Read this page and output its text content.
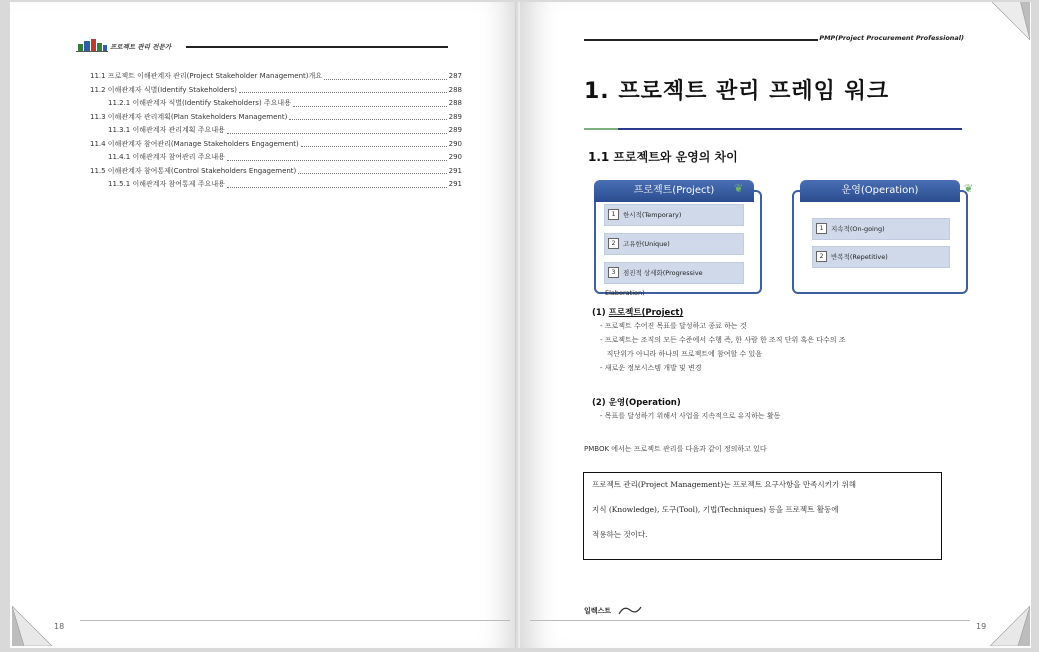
프로젝트 관리 전문가
11.1 프로젝트 이해관계자 관리(Project Stakeholder Management)개요	287
11.2 이해관계자 식별(Identify Stakeholders)	288
11.2.1 이해관계자 식별(Identify Stakeholders) 주요내용	288
11.3 이해관계자 관리계획(Plan Stakeholders Management)	289
11.3.1 이해관계자 관리계획 주요내용	289
11.4 이해관계자 참여관리(Manage Stakeholders Engagement)	290
11.4.1 이해관계자 참여관리 주요내용	290
11.5 이해관계자 참여통제(Control Stakeholders Engagement)	291
11.5.1 이해관계자 참여통제 주요내용	291
18
PMP(Project Procurement Professional)
1. 프로젝트 관리 프레임 워크
1.1 프로젝트와 운영의 차이
프로젝트(Project)	❦
1 한시적(Temporary)
2 고유한(Unique)
3 점진적 상세화(Progressive Elaboration)
운영(Operation)	❦
1 지속적(On-going)
2 반복적(Repetitive)
(1) 프로젝트(Project)
- 프로젝트 수어진 목표를 달성하고 종료 하는 것
- 프로젝트는 조직의 모든 수준에서 수행 즉, 한 사람 한 조직 단위 혹은 다수의 조
직단위가 아니라 하나의 프로젝트에 참여할 수 있음
- 새로운 정보시스템 개발 및 변경
(2) 운영(Operation)
- 목표를 달성하기 위해서 사업을 지속적으로 유지하는 활동
PMBOK 에서는 프로젝트 관리를 다음과 같이 정의하고 있다
프로젝트 관리(Project Management)는 프로젝트 요구사항을 만족시키기 위해
지식 (Knowledge), 도구(Tool), 기법(Techniques) 등을 프로젝트 활동에
적용하는 것이다.
일렉스트
19
